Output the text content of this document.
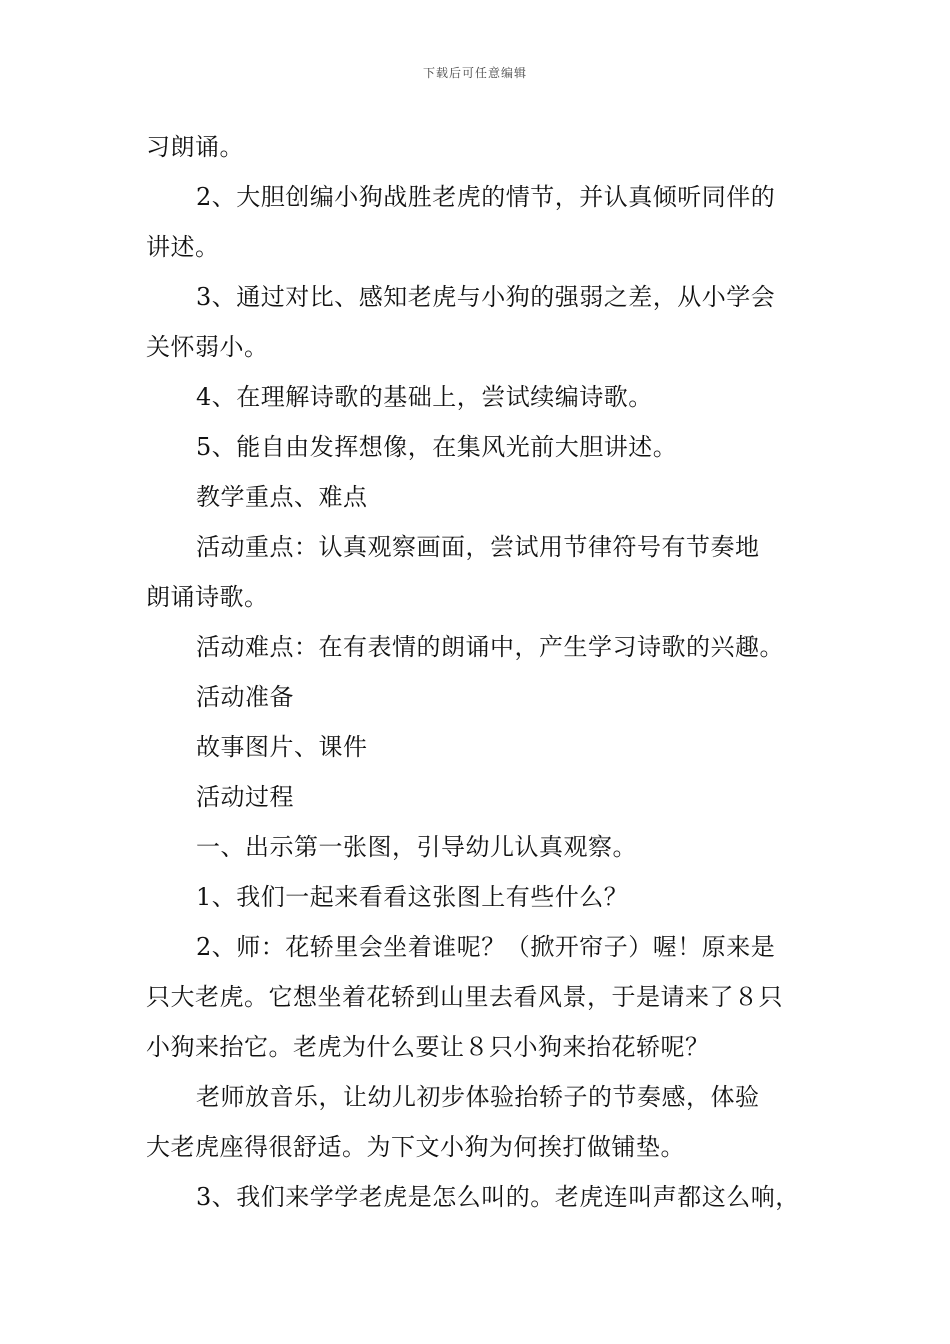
下载后可任意编辑
习朗诵。
2、大胆创编小狗战胜老虎的情节，并认真倾听同伴的
讲述。
3、通过对比、感知老虎与小狗的强弱之差，从小学会
关怀弱小。
4、在理解诗歌的基础上，尝试续编诗歌。
5、能自由发挥想像，在集风光前大胆讲述。
教学重点、难点
活动重点：认真观察画面，尝试用节律符号有节奏地
朗诵诗歌。
活动难点：在有表情的朗诵中，产生学习诗歌的兴趣。
活动准备
故事图片、课件
活动过程
一、出示第一张图，引导幼儿认真观察。
1、我们一起来看看这张图上有些什么？
2、师：花轿里会坐着谁呢？（掀开帘子）喔！原来是
只大老虎。它想坐着花轿到山里去看风景，于是请来了８只
小狗来抬它。老虎为什么要让８只小狗来抬花轿呢？
老师放音乐，让幼儿初步体验抬轿子的节奏感，体验
大老虎座得很舒适。为下文小狗为何挨打做铺垫。
3、我们来学学老虎是怎么叫的。老虎连叫声都这么响，
